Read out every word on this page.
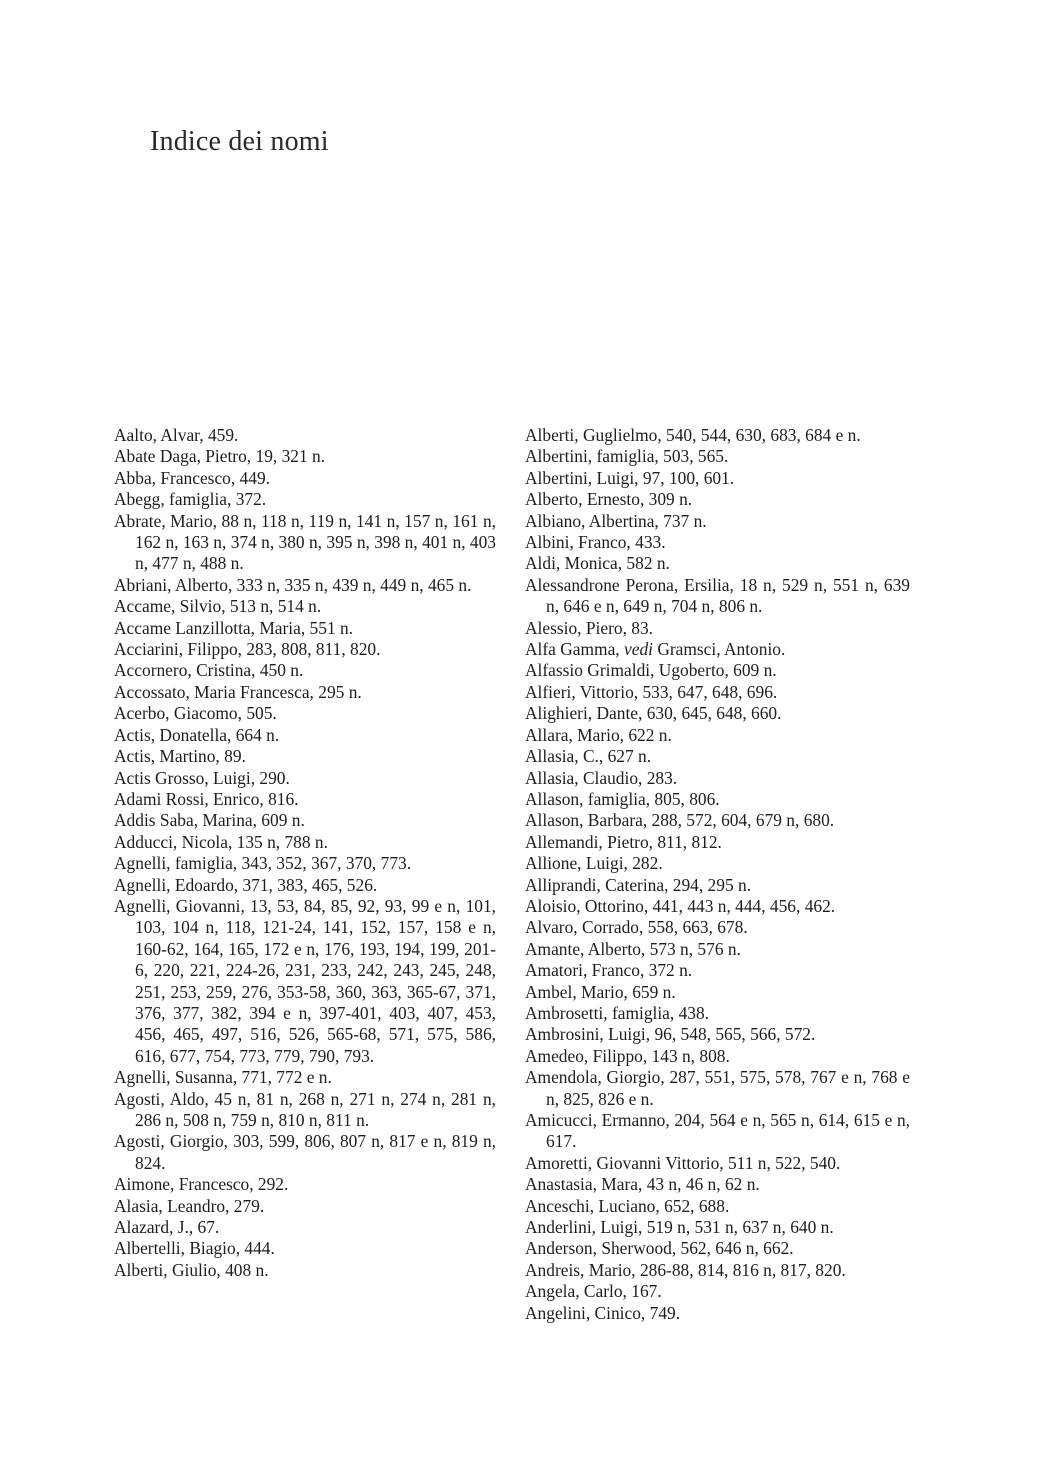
Indice dei nomi
Aalto, Alvar, 459.
Abate Daga, Pietro, 19, 321 n.
Abba, Francesco, 449.
Abegg, famiglia, 372.
Abrate, Mario, 88 n, 118 n, 119 n, 141 n, 157 n, 161 n, 162 n, 163 n, 374 n, 380 n, 395 n, 398 n, 401 n, 403 n, 477 n, 488 n.
Abriani, Alberto, 333 n, 335 n, 439 n, 449 n, 465 n.
Accame, Silvio, 513 n, 514 n.
Accame Lanzillotta, Maria, 551 n.
Acciarini, Filippo, 283, 808, 811, 820.
Accornero, Cristina, 450 n.
Accossato, Maria Francesca, 295 n.
Acerbo, Giacomo, 505.
Actis, Donatella, 664 n.
Actis, Martino, 89.
Actis Grosso, Luigi, 290.
Adami Rossi, Enrico, 816.
Addis Saba, Marina, 609 n.
Adducci, Nicola, 135 n, 788 n.
Agnelli, famiglia, 343, 352, 367, 370, 773.
Agnelli, Edoardo, 371, 383, 465, 526.
Agnelli, Giovanni, 13, 53, 84, 85, 92, 93, 99 e n, 101, 103, 104 n, 118, 121-24, 141, 152, 157, 158 e n, 160-62, 164, 165, 172 e n, 176, 193, 194, 199, 201-6, 220, 221, 224-26, 231, 233, 242, 243, 245, 248, 251, 253, 259, 276, 353-58, 360, 363, 365-67, 371, 376, 377, 382, 394 e n, 397-401, 403, 407, 453, 456, 465, 497, 516, 526, 565-68, 571, 575, 586, 616, 677, 754, 773, 779, 790, 793.
Agnelli, Susanna, 771, 772 e n.
Agosti, Aldo, 45 n, 81 n, 268 n, 271 n, 274 n, 281 n, 286 n, 508 n, 759 n, 810 n, 811 n.
Agosti, Giorgio, 303, 599, 806, 807 n, 817 e n, 819 n, 824.
Aimone, Francesco, 292.
Alasia, Leandro, 279.
Alazard, J., 67.
Albertelli, Biagio, 444.
Alberti, Giulio, 408 n.
Alberti, Guglielmo, 540, 544, 630, 683, 684 e n.
Albertini, famiglia, 503, 565.
Albertini, Luigi, 97, 100, 601.
Alberto, Ernesto, 309 n.
Albiano, Albertina, 737 n.
Albini, Franco, 433.
Aldi, Monica, 582 n.
Alessandrone Perona, Ersilia, 18 n, 529 n, 551 n, 639 n, 646 e n, 649 n, 704 n, 806 n.
Alessio, Piero, 83.
Alfa Gamma, vedi Gramsci, Antonio.
Alfassio Grimaldi, Ugoberto, 609 n.
Alfieri, Vittorio, 533, 647, 648, 696.
Alighieri, Dante, 630, 645, 648, 660.
Allara, Mario, 622 n.
Allasia, C., 627 n.
Allasia, Claudio, 283.
Allason, famiglia, 805, 806.
Allason, Barbara, 288, 572, 604, 679 n, 680.
Allemandi, Pietro, 811, 812.
Allione, Luigi, 282.
Alliprandi, Caterina, 294, 295 n.
Aloisio, Ottorino, 441, 443 n, 444, 456, 462.
Alvaro, Corrado, 558, 663, 678.
Amante, Alberto, 573 n, 576 n.
Amatori, Franco, 372 n.
Ambel, Mario, 659 n.
Ambrosetti, famiglia, 438.
Ambrosini, Luigi, 96, 548, 565, 566, 572.
Amedeo, Filippo, 143 n, 808.
Amendola, Giorgio, 287, 551, 575, 578, 767 e n, 768 e n, 825, 826 e n.
Amicucci, Ermanno, 204, 564 e n, 565 n, 614, 615 e n, 617.
Amoretti, Giovanni Vittorio, 511 n, 522, 540.
Anastasia, Mara, 43 n, 46 n, 62 n.
Anceschi, Luciano, 652, 688.
Anderlini, Luigi, 519 n, 531 n, 637 n, 640 n.
Anderson, Sherwood, 562, 646 n, 662.
Andreis, Mario, 286-88, 814, 816 n, 817, 820.
Angela, Carlo, 167.
Angelini, Cinico, 749.
